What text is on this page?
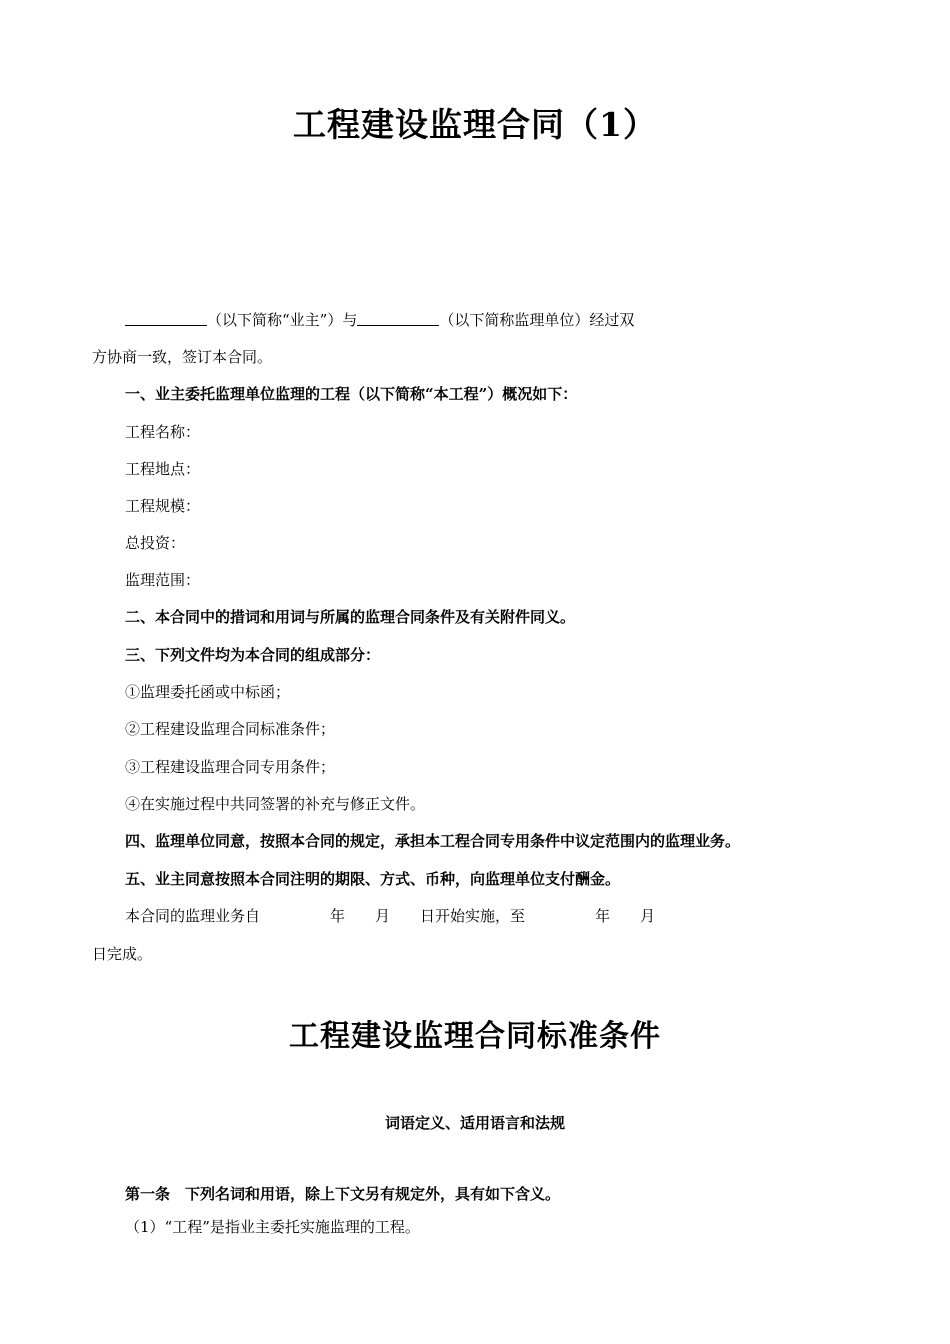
工程建设监理合同（1）
（以下简称“业主”）与	（以下简称监理单位）经过双
方协商一致，签订本合同。
一、业主委托监理单位监理的工程（以下简称“本工程”）概况如下：
工程名称：
工程地点：
工程规模：
总投资：
监理范围：
二、本合同中的措词和用词与所属的监理合同条件及有关附件同义。
三、下列文件均为本合同的组成部分：
①监理委托函或中标函；
②工程建设监理合同标准条件；
③工程建设监理合同专用条件；
④在实施过程中共同签署的补充与修正文件。
四、监理单位同意，按照本合同的规定，承担本工程合同专用条件中议定范围内的监理业务。
五、业主同意按照本合同注明的期限、方式、币种，向监理单位支付酬金。
本合同的监理业务自	年 月 日开始实施，至	年 月
日完成。
工程建设监理合同标准条件
词语定义、适用语言和法规
第一条　下列名词和用语，除上下文另有规定外，具有如下含义。
（1）“工程”是指业主委托实施监理的工程。
